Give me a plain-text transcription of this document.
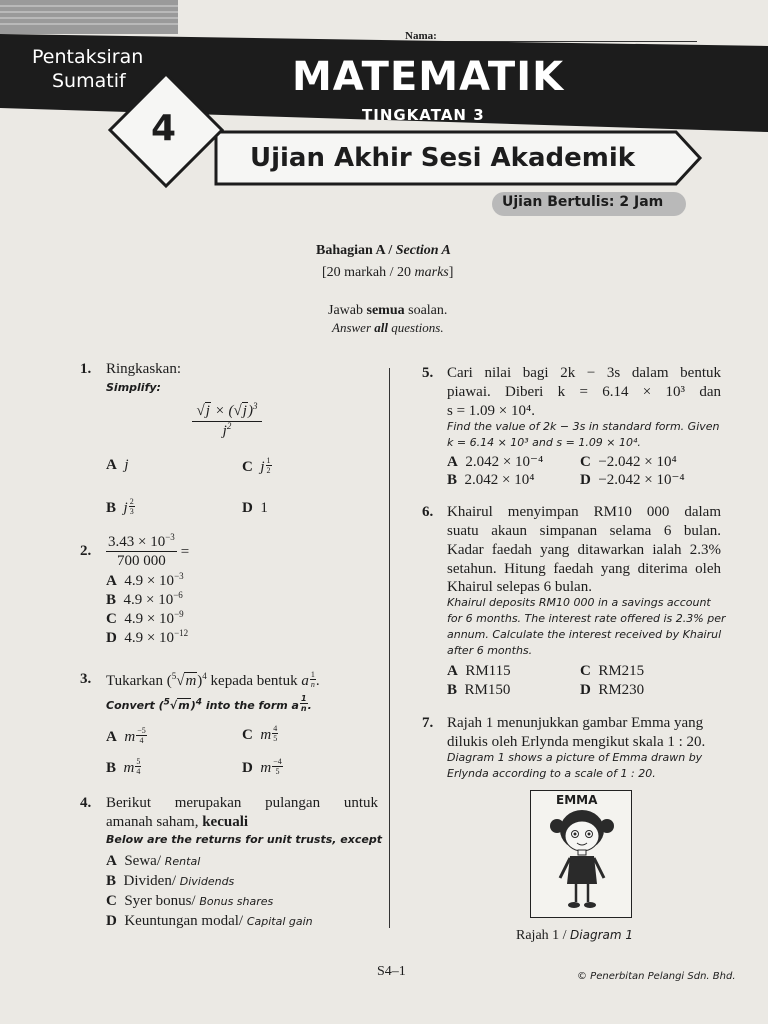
Nama:
Pentaksiran
Sumatif
4
MATEMATIK
TINGKATAN 3
Ujian Akhir Sesi Akademik
Ujian Bertulis: 2 Jam
Bahagian A / Section A
[20 markah / 20 marks]
Jawab semua soalan.
Answer all questions.
1. Ringkaskan:
Simplify:
$√j \times (√j)^3$
$j^2$
A j	C j $\frac{1}{2}$
B j $\frac{2}{3}$	D 1
2. $\frac{3.43 \times 10^{-3}}{700 000}$ =
A $4.9 \times 10^{-3}$
B $4.9 \times 10^{-6}$
C $4.9 \times 10^{-9}$
D $4.9 \times 10^{-12}$
3. Tukarkan $(^5√m)^4$ kepada bentuk a $\frac{1}{n}$ .
Convert $(^5√m)^4$ into the form a $\frac{1}{n}$ .
A m $\frac{-5}{4}$	C m $\frac{4}{5}$
B m $\frac{5}{4}$	D m $\frac{-4}{5}$
4. Berikut merupakan pulangan untuk
amanah saham, kecuali
Below are the returns for unit trusts, except
A Sewa/ Rental
B Dividen/ Dividends
C Syer bonus/ Bonus shares
D Keuntungan modal/ Capital gain
5. Cari nilai bagi 2k − 3s dalam bentuk
piawai. Diberi k = 6.14 × 10³ dan
s = 1.09 × 10⁴.
Find the value of 2k − 3s in standard form. Given
k = 6.14 × 10³ and s = 1.09 × 10⁴.
A 2.042 × 10⁻⁴ C −2.042 × 10⁴
B 2.042 × 10⁴	D −2.042 × 10⁻⁴
6. Khairul menyimpan RM10 000 dalam
suatu akaun simpanan selama 6 bulan.
Kadar faedah yang ditawarkan ialah 2.3%
setahun. Hitung faedah yang diterima oleh
Khairul selepas 6 bulan.
Khairul deposits RM10 000 in a savings account
for 6 months. The interest rate offered is 2.3% per
annum. Calculate the interest received by Khairul
after 6 months.
A RM115	C RM215
B RM150	D RM230
7. Rajah 1 menunjukkan gambar Emma yang
dilukis oleh Erlynda mengikut skala 1 : 20.
Diagram 1 shows a picture of Emma drawn by
Erlynda according to a scale of 1 : 20.
EMMA
Rajah 1 / Diagram 1
S4–1	© Penerbitan Pelangi Sdn. Bhd.
